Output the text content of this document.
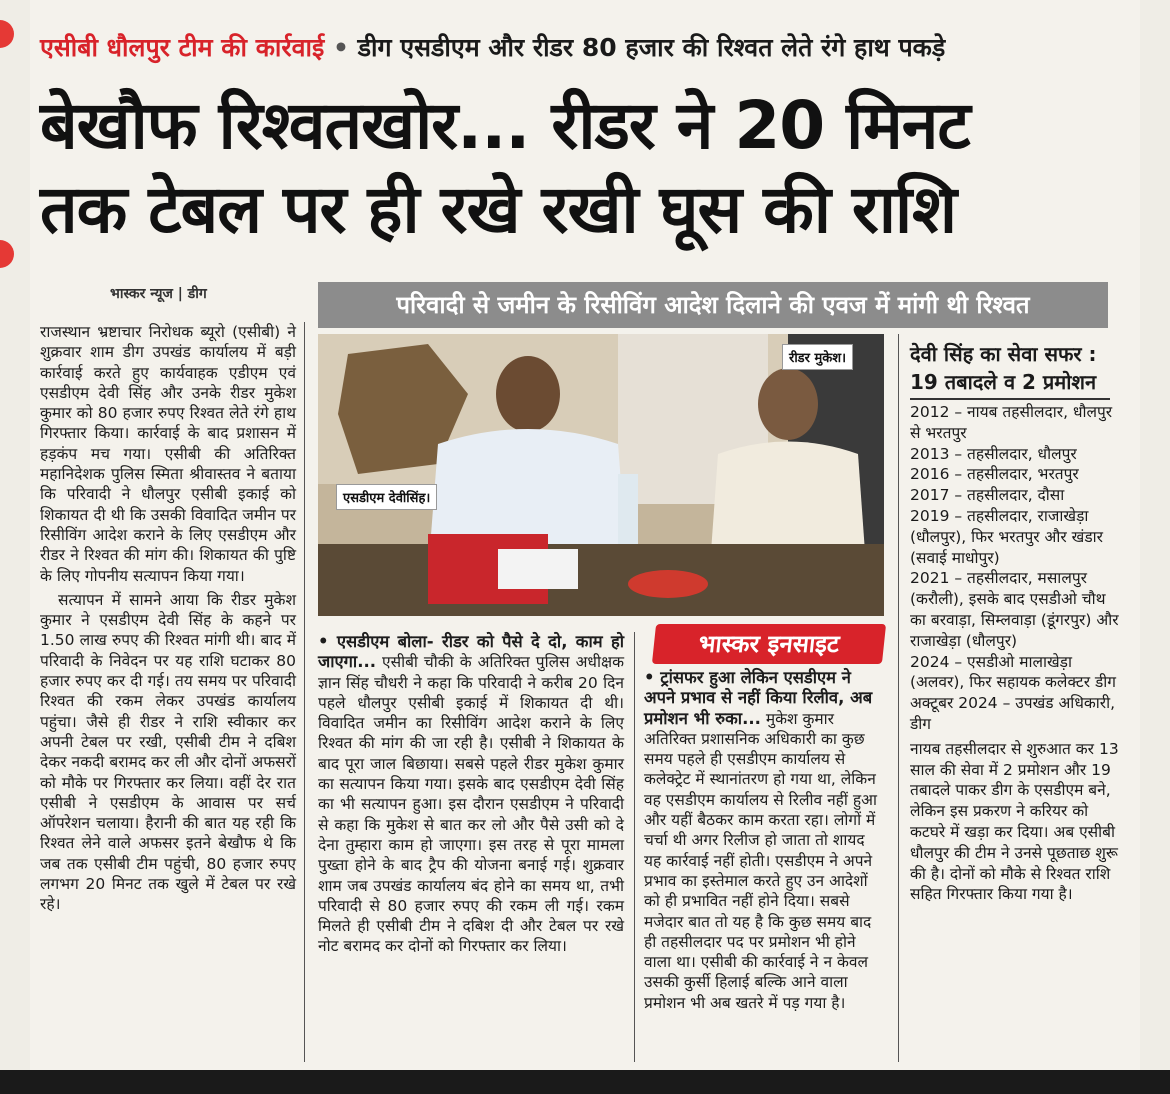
एसीबी धौलपुर टीम की कार्रवाई • डीग एसडीएम और रीडर 80 हजार की रिश्वत लेते रंगे हाथ पकड़े
बेखौफ रिश्वतखोर... रीडर ने 20 मिनट
तक टेबल पर ही रखे रखी घूस की राशि
भास्कर न्यूज | डीग	परिवादी से जमीन के रिसीविंग आदेश दिलाने की एवज में मांगी थी रिश्वत

राजस्थान भ्रष्टाचार निरोधक ब्यूरो (एसीबी) ने शुक्रवार शाम डीग उपखंड कार्यालय में बड़ी कार्रवाई करते हुए कार्यवाहक एडीएम एवं एसडीएम देवी सिंह और उनके रीडर मुकेश कुमार को 80 हजार रुपए रिश्वत लेते रंगे हाथ गिरफ्तार किया। कार्रवाई के बाद प्रशासन में हड़कंप मच गया। एसीबी की अतिरिक्त महानिदेशक पुलिस स्मिता श्रीवास्तव ने बताया कि परिवादी ने धौलपुर एसीबी इकाई को शिकायत दी थी कि उसकी विवादित जमीन पर रिसीविंग आदेश कराने के लिए एसडीएम और रीडर ने रिश्वत की मांग की। शिकायत की पुष्टि के लिए गोपनीय सत्यापन किया गया।

सत्यापन में सामने आया कि रीडर मुकेश कुमार ने एसडीएम देवी सिंह के कहने पर 1.50 लाख रुपए की रिश्वत मांगी थी। बाद में परिवादी के निवेदन पर यह राशि घटाकर 80 हजार रुपए कर दी गई। तय समय पर परिवादी रिश्वत की रकम लेकर उपखंड कार्यालय पहुंचा। जैसे ही रीडर ने राशि स्वीकार कर अपनी टेबल पर रखी, एसीबी टीम ने दबिश देकर नकदी बरामद कर ली और दोनों अफसरों को मौके पर गिरफ्तार कर लिया। वहीं देर रात एसीबी ने एसडीएम के आवास पर सर्च ऑपरेशन चलाया। हैरानी की बात यह रही कि रिश्वत लेने वाले अफसर इतने बेखौफ थे कि जब तक एसीबी टीम पहुंची, 80 हजार रुपए लगभग 20 मिनट तक खुले में टेबल पर रखे रहे।

रीडर मुकेश।
एसडीएम देवीसिंह।
• एसडीएम बोला- रीडर को पैसे दे दो, काम हो जाएगा... एसीबी चौकी के अतिरिक्त पुलिस अधीक्षक ज्ञान सिंह चौधरी ने कहा कि परिवादी ने करीब 20 दिन पहले धौलपुर एसीबी इकाई में शिकायत दी थी। विवादित जमीन का रिसीविंग आदेश कराने के लिए रिश्वत की मांग की जा रही है। एसीबी ने शिकायत के बाद पूरा जाल बिछाया। सबसे पहले रीडर मुकेश कुमार का सत्यापन किया गया। इसके बाद एसडीएम देवी सिंह का भी सत्यापन हुआ। इस दौरान एसडीएम ने परिवादी से कहा कि मुकेश से बात कर लो और पैसे उसी को दे देना तुम्हारा काम हो जाएगा। इस तरह से पूरा मामला पुख्ता होने के बाद ट्रैप की योजना बनाई गई। शुक्रवार शाम जब उपखंड कार्यालय बंद होने का समय था, तभी परिवादी से 80 हजार रुपए की रकम ली गई। रकम मिलते ही एसीबी टीम ने दबिश दी और टेबल पर रखे नोट बरामद कर दोनों को गिरफ्तार कर लिया।
भास्कर इनसाइट
• ट्रांसफर हुआ लेकिन एसडीएम ने अपने प्रभाव से नहीं किया रिलीव, अब प्रमोशन भी रुका... मुकेश कुमार अतिरिक्त प्रशासनिक अधिकारी का कुछ समय पहले ही एसडीएम कार्यालय से कलेक्ट्रेट में स्थानांतरण हो गया था, लेकिन वह एसडीएम कार्यालय से रिलीव नहीं हुआ और यहीं बैठकर काम करता रहा। लोगों में चर्चा थी अगर रिलीज हो जाता तो शायद यह कार्रवाई नहीं होती। एसडीएम ने अपने प्रभाव का इस्तेमाल करते हुए उन आदेशों को ही प्रभावित नहीं होने दिया। सबसे मजेदार बात तो यह है कि कुछ समय बाद ही तहसीलदार पद पर प्रमोशन भी होने वाला था। एसीबी की कार्रवाई ने न केवल उसकी कुर्सी हिलाई बल्कि आने वाला प्रमोशन भी अब खतरे में पड़ गया है।
देवी सिंह का सेवा सफर :
19 तबादले व 2 प्रमोशन
2012 – नायब तहसीलदार, धौलपुर से भरतपुर
2013 – तहसीलदार, धौलपुर
2016 – तहसीलदार, भरतपुर
2017 – तहसीलदार, दौसा
2019 – तहसीलदार, राजाखेड़ा (धौलपुर), फिर भरतपुर और खंडार (सवाई माधोपुर)
2021 – तहसीलदार, मसालपुर (करौली), इसके बाद एसडीओ चौथ का बरवाड़ा, सिम्लवाड़ा (डूंगरपुर) और राजाखेड़ा (धौलपुर)
2024 – एसडीओ मालाखेड़ा (अलवर), फिर सहायक कलेक्टर डीग
अक्टूबर 2024 – उपखंड अधिकारी, डीग
नायब तहसीलदार से शुरुआत कर 13 साल की सेवा में 2 प्रमोशन और 19 तबादले पाकर डीग के एसडीएम बने, लेकिन इस प्रकरण ने करियर को कटघरे में खड़ा कर दिया। अब एसीबी धौलपुर की टीम ने उनसे पूछताछ शुरू की है। दोनों को मौके से रिश्वत राशि सहित गिरफ्तार किया गया है।
